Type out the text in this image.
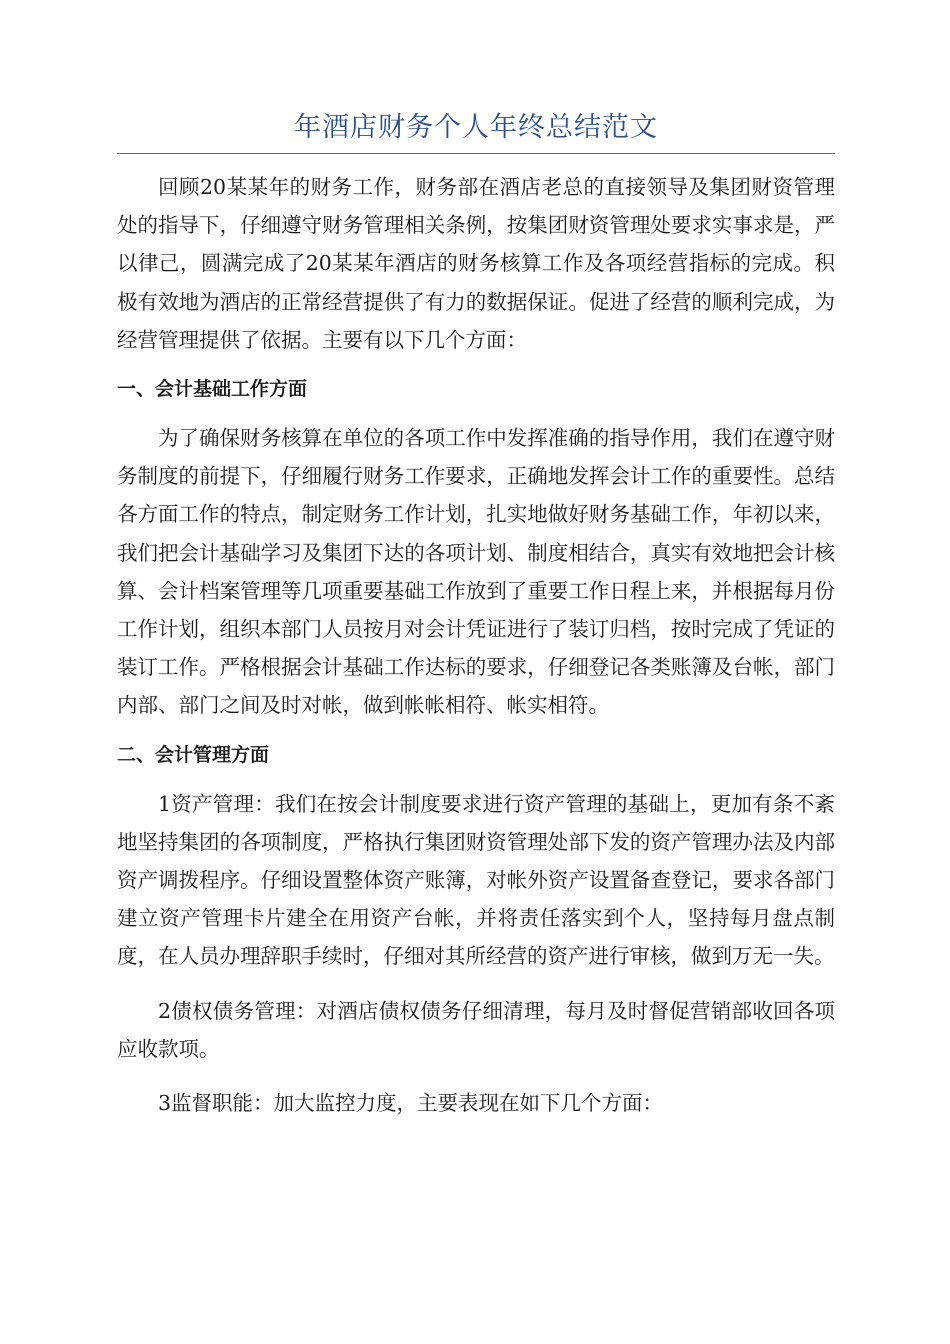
年酒店财务个人年终总结范文

回顾20某某年的财务工作，财务部在酒店老总的直接领导及集团财资管理处的指导下，仔细遵守财务管理相关条例，按集团财资管理处要求实事求是，严以律己，圆满完成了20某某年酒店的财务核算工作及各项经营指标的完成。积极有效地为酒店的正常经营提供了有力的数据保证。促进了经营的顺利完成，为经营管理提供了依据。主要有以下几个方面：

一、会计基础工作方面

为了确保财务核算在单位的各项工作中发挥准确的指导作用，我们在遵守财务制度的前提下，仔细履行财务工作要求，正确地发挥会计工作的重要性。总结各方面工作的特点，制定财务工作计划，扎实地做好财务基础工作，年初以来，我们把会计基础学习及集团下达的各项计划、制度相结合，真实有效地把会计核算、会计档案管理等几项重要基础工作放到了重要工作日程上来，并根据每月份工作计划，组织本部门人员按月对会计凭证进行了装订归档，按时完成了凭证的装订工作。严格根据会计基础工作达标的要求，仔细登记各类账簿及台帐，部门内部、部门之间及时对帐，做到帐帐相符、帐实相符。

二、会计管理方面

1资产管理：我们在按会计制度要求进行资产管理的基础上，更加有条不紊地坚持集团的各项制度，严格执行集团财资管理处部下发的资产管理办法及内部资产调拨程序。仔细设置整体资产账簿，对帐外资产设置备查登记，要求各部门建立资产管理卡片建全在用资产台帐，并将责任落实到个人，坚持每月盘点制度，在人员办理辞职手续时，仔细对其所经营的资产进行审核，做到万无一失。

2债权债务管理：对酒店债权债务仔细清理，每月及时督促营销部收回各项应收款项。

3监督职能：加大监控力度，主要表现在如下几个方面：
